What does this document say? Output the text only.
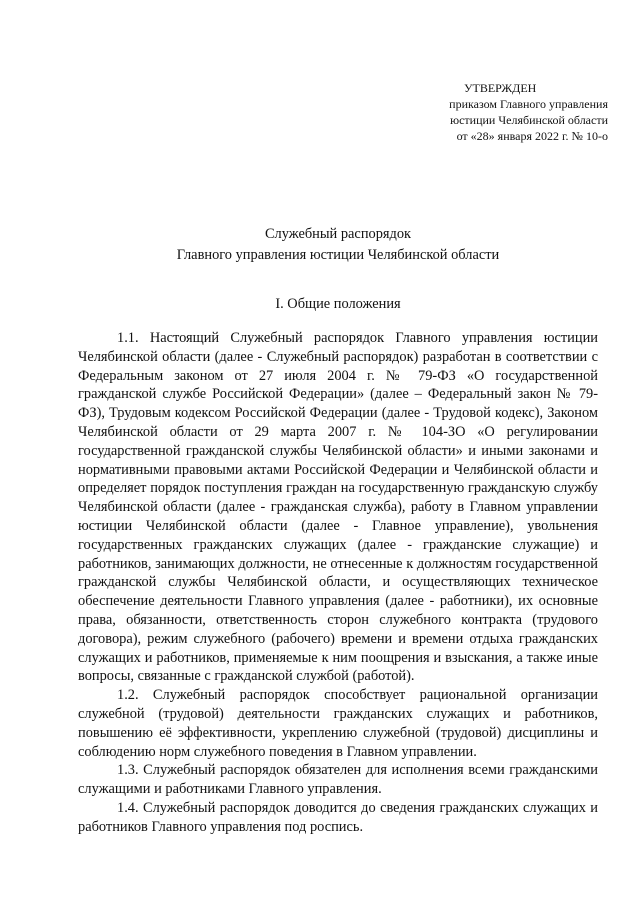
УТВЕРЖДЕН
приказом Главного управления
юстиции Челябинской области
от «28» января 2022 г. № 10-о
Служебный распорядок
Главного управления юстиции Челябинской области
I. Общие положения

1.1. Настоящий Служебный распорядок Главного управления юстиции Челябинской области (далее - Служебный распорядок) разработан в соответствии с Федеральным законом от 27 июля 2004 г. № 79-ФЗ «О государственной гражданской службе Российской Федерации» (далее – Федеральный закон № 79-ФЗ), Трудовым кодексом Российской Федерации (далее - Трудовой кодекс), Законом Челябинской области от 29 марта 2007 г. № 104-ЗО «О регулировании государственной гражданской службы Челябинской области» и иными законами и нормативными правовыми актами Российской Федерации и Челябинской области и определяет порядок поступления граждан на государственную гражданскую службу Челябинской области (далее - гражданская служба), работу в Главном управлении юстиции Челябинской области (далее - Главное управление), увольнения государственных гражданских служащих (далее - гражданские служащие) и работников, занимающих должности, не отнесенные к должностям государственной гражданской службы Челябинской области, и осуществляющих техническое обеспечение деятельности Главного управления (далее - работники), их основные права, обязанности, ответственность сторон служебного контракта (трудового договора), режим служебного (рабочего) времени и времени отдыха гражданских служащих и работников, применяемые к ним поощрения и взыскания, а также иные вопросы, связанные с гражданской службой (работой).

1.2. Служебный распорядок способствует рациональной организации служебной (трудовой) деятельности гражданских служащих и работников, повышению её эффективности, укреплению служебной (трудовой) дисциплины и соблюдению норм служебного поведения в Главном управлении.

1.3. Служебный распорядок обязателен для исполнения всеми гражданскими служащими и работниками Главного управления.

1.4. Служебный распорядок доводится до сведения гражданских служащих и работников Главного управления под роспись.
